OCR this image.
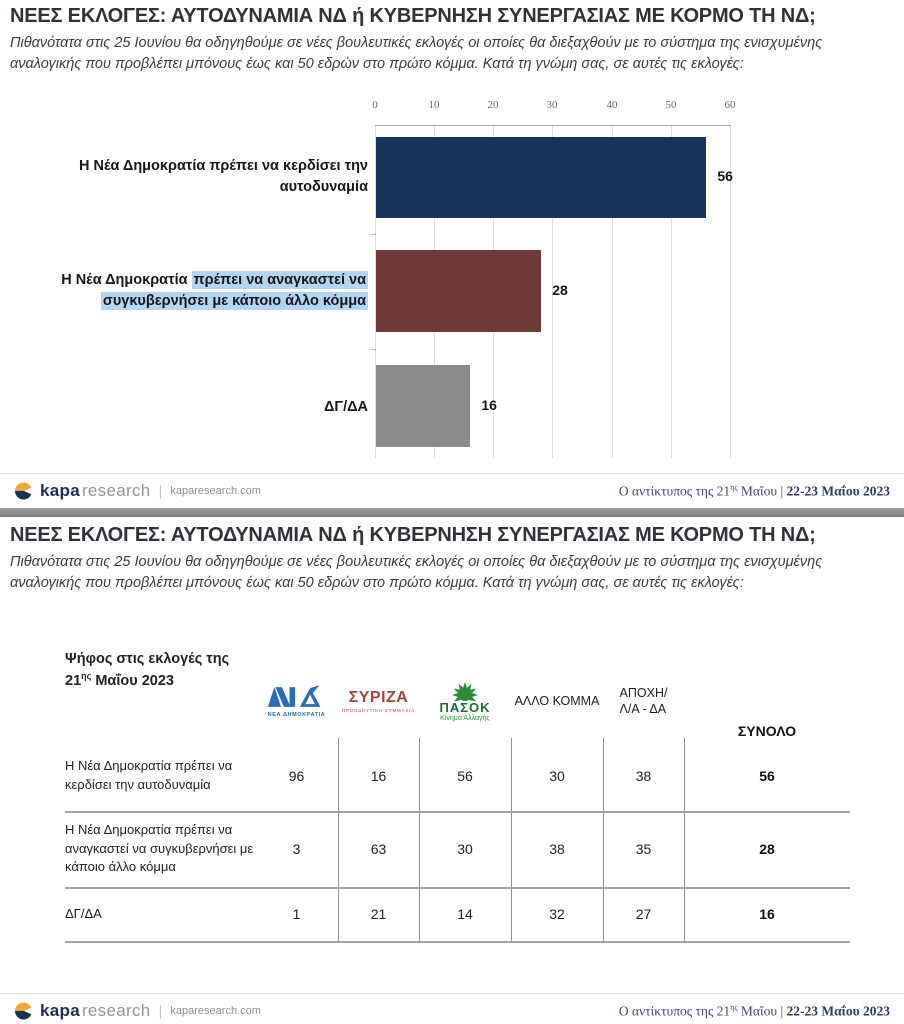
ΝΕΕΣ ΕΚΛΟΓΕΣ: ΑΥΤΟΔΥΝΑΜΙΑ ΝΔ ή ΚΥΒΕΡΝΗΣΗ ΣΥΝΕΡΓΑΣΙΑΣ ΜΕ ΚΟΡΜΟ ΤΗ ΝΔ;
Πιθανότατα στις 25 Ιουνίου θα οδηγηθούμε σε νέες βουλευτικές εκλογές οι οποίες θα διεξαχθούν με το σύστημα της ενισχυμένης αναλογικής που προβλέπει μπόνους έως και 50 εδρών στο πρώτο κόμμα. Κατά τη γνώμη σας, σε αυτές τις εκλογές:
0	10	20	30	40	50	60
56
28
16
Η Νέα Δημοκρατία πρέπει να κερδίσει την
αυτοδυναμία
Η Νέα Δημοκρατία πρέπει να αναγκαστεί να
συγκυβερνήσει με κάποιο άλλο κόμμα
ΔΓ/ΔΑ
kapa research | kaparesearch.com	Ο αντίκτυπος της $21^{\eta\varsigma}$ Μαΐου | 22-23 Μαΐου 2023
ΝΕΕΣ ΕΚΛΟΓΕΣ: ΑΥΤΟΔΥΝΑΜΙΑ ΝΔ ή ΚΥΒΕΡΝΗΣΗ ΣΥΝΕΡΓΑΣΙΑΣ ΜΕ ΚΟΡΜΟ ΤΗ ΝΔ;
Πιθανότατα στις 25 Ιουνίου θα οδηγηθούμε σε νέες βουλευτικές εκλογές οι οποίες θα διεξαχθούν με το σύστημα της ενισχυμένης αναλογικής που προβλέπει μπόνους έως και 50 εδρών στο πρώτο κόμμα. Κατά τη γνώμη σας, σε αυτές τις εκλογές:
Ψήφος στις εκλογές της
$21^{\eta\varsigma}$ Μαΐου 2023
ΝΕΑ ΔΗΜΟΚΡΑΤΙΑ
ΣΥΡΙΖΑ
ΠΡΟΟΔΕΥΤΙΚΗ ΣΥΜΜΑΧΙΑ ΠΑΣΟΚ
Κίνημα Αλλαγής
ΑΛΛΟ ΚΟΜΜΑ
ΑΠΟΧΗ/
Λ/Α - ΔΑ
ΣΥΝΟΛΟ
Η Νέα Δημοκρατία πρέπει να κερδίσει την αυτοδυναμία
96	16	56	30	38	56
Η Νέα Δημοκρατία πρέπει να αναγκαστεί να συγκυβερνήσει με κάποιο άλλο κόμμα
3	63	30	38	35	28
ΔΓ/ΔΑ	1	21	14	32	27	16
kapa research | kaparesearch.com	Ο αντίκτυπος της $21^{\eta\varsigma}$ Μαΐου | 22-23 Μαΐου 2023
